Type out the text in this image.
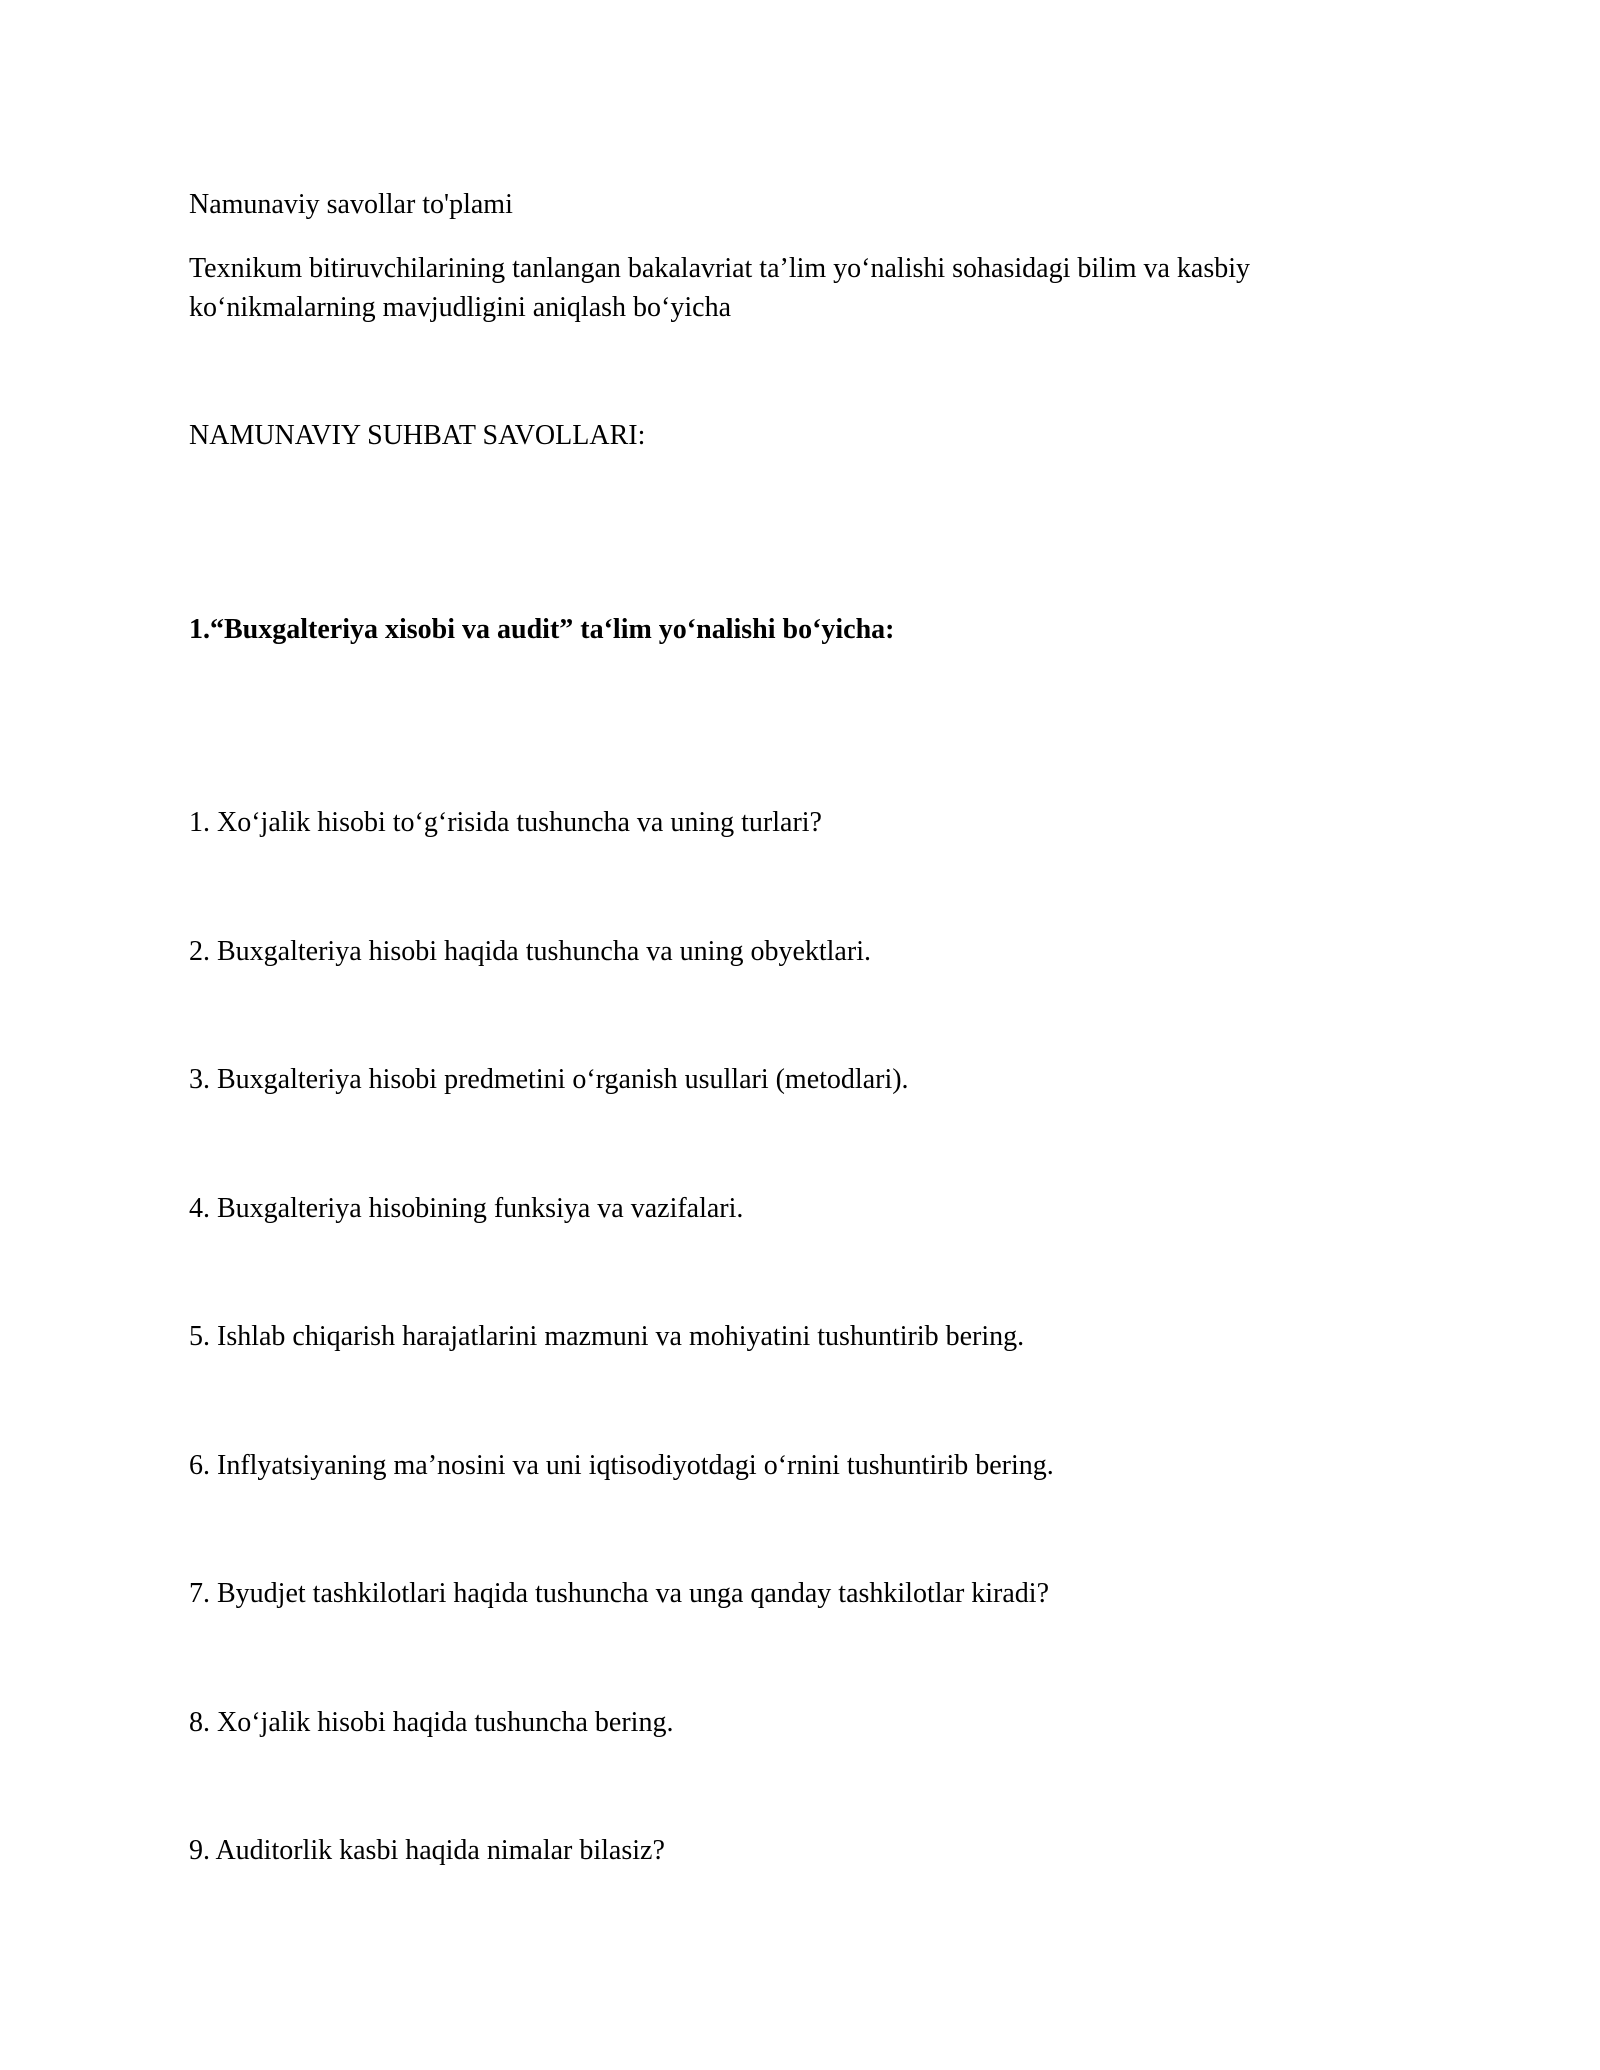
Namunaviy savollar to'plami

Texnikum bitiruvchilarining tanlangan bakalavriat ta’lim yo‘nalishi sohasidagi bilim va kasbiy

ko‘nikmalarning mavjudligini aniqlash bo‘yicha

NAMUNAVIY SUHBAT SAVOLLARI:

1.“Buxgalteriya xisobi va audit” ta‘lim yo‘nalishi bo‘yicha:

1. Xo‘jalik hisobi to‘g‘risida tushuncha va uning turlari?

2. Buxgalteriya hisobi haqida tushuncha va uning obyektlari.

3. Buxgalteriya hisobi predmetini o‘rganish usullari (metodlari).

4. Buxgalteriya hisobining funksiya va vazifalari.

5. Ishlab chiqarish harajatlarini mazmuni va mohiyatini tushuntirib bering.

6. Inflyatsiyaning ma’nosini va uni iqtisodiyotdagi o‘rnini tushuntirib bering.

7. Byudjet tashkilotlari haqida tushuncha va unga qanday tashkilotlar kiradi?

8. Xo‘jalik hisobi haqida tushuncha bering.

9. Auditorlik kasbi haqida nimalar bilasiz?
